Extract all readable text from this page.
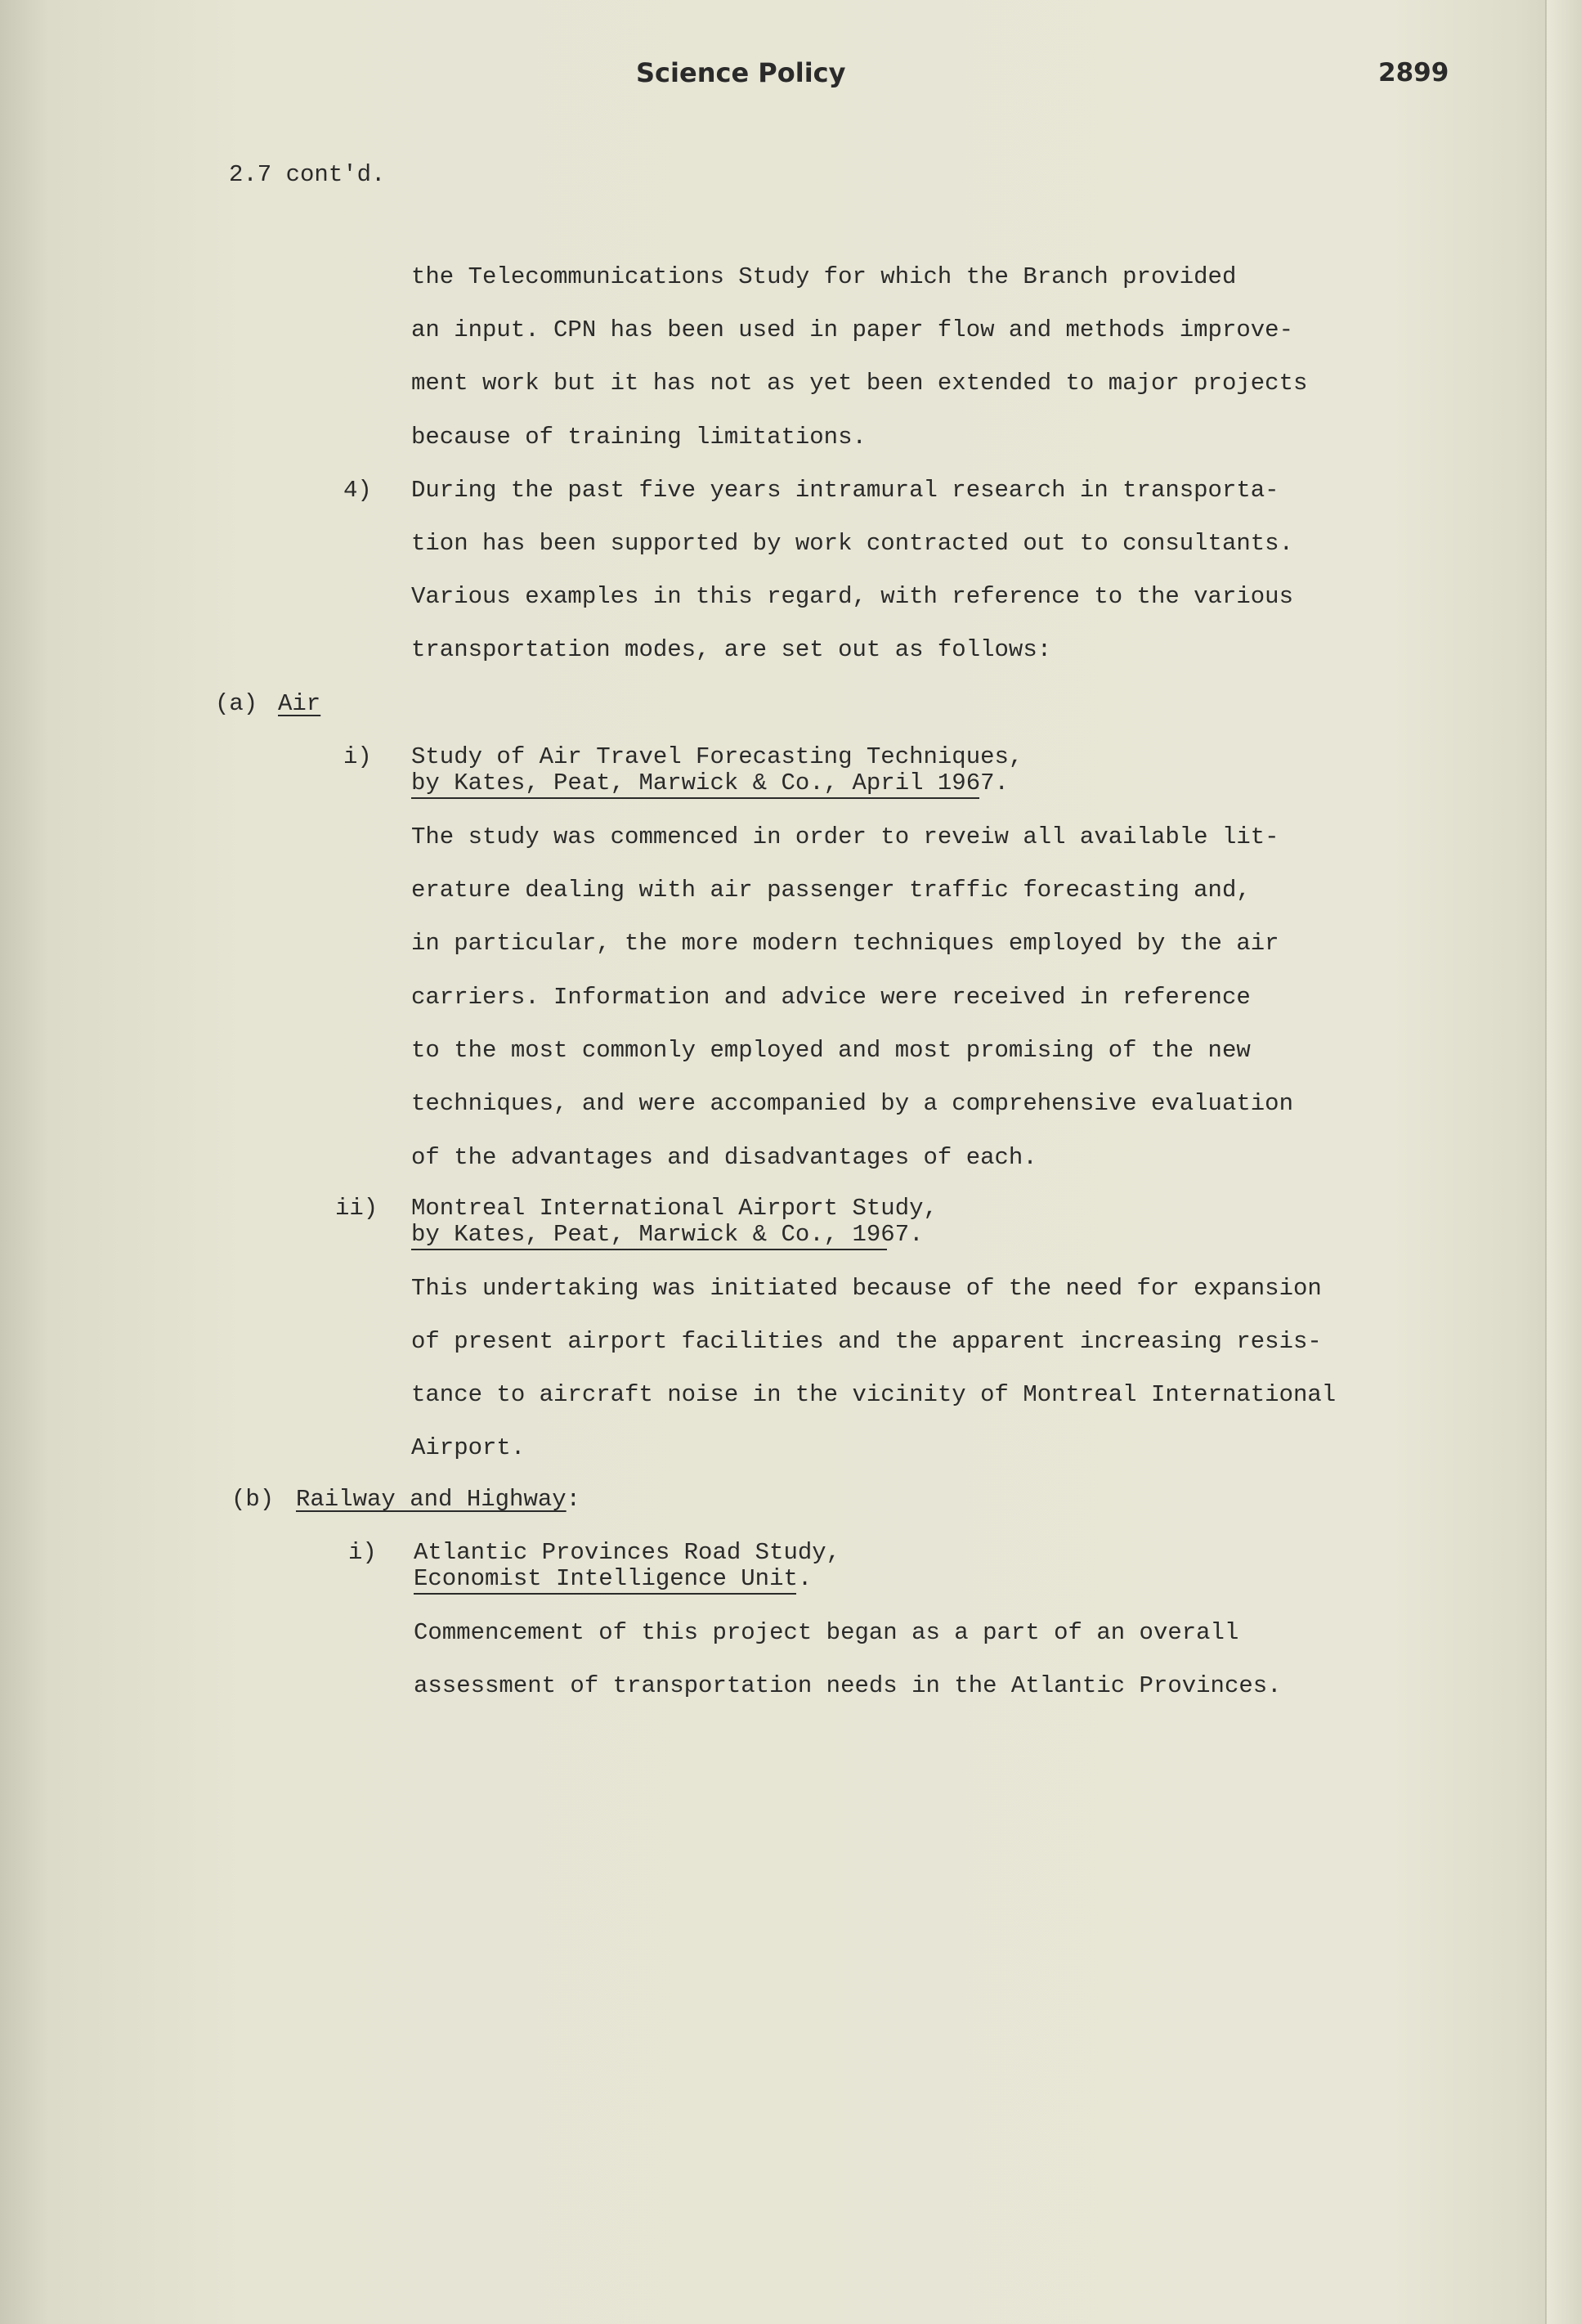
Science Policy	2899
2.7 cont'd.
the Telecommunications Study for which the Branch provided
an input. CPN has been used in paper flow and methods improve-
ment work but it has not as yet been extended to major projects
because of training limitations.
4) During the past five years intramural research in transporta-
tion has been supported by work contracted out to consultants.
Various examples in this regard, with reference to the various
transportation modes, are set out as follows:
(a) Air
i) Study of Air Travel Forecasting Techniques,
by Kates, Peat, Marwick & Co., April 1967.
The study was commenced in order to reveiw all available lit-
erature dealing with air passenger traffic forecasting and,
in particular, the more modern techniques employed by the air
carriers. Information and advice were received in reference
to the most commonly employed and most promising of the new
techniques, and were accompanied by a comprehensive evaluation
of the advantages and disadvantages of each.
ii) Montreal International Airport Study,
by Kates, Peat, Marwick & Co., 1967.
This undertaking was initiated because of the need for expansion
of present airport facilities and the apparent increasing resis-
tance to aircraft noise in the vicinity of Montreal International
Airport.
(b) Railway and Highway:
i) Atlantic Provinces Road Study,
Economist Intelligence Unit.
Commencement of this project began as a part of an overall
assessment of transportation needs in the Atlantic Provinces.
